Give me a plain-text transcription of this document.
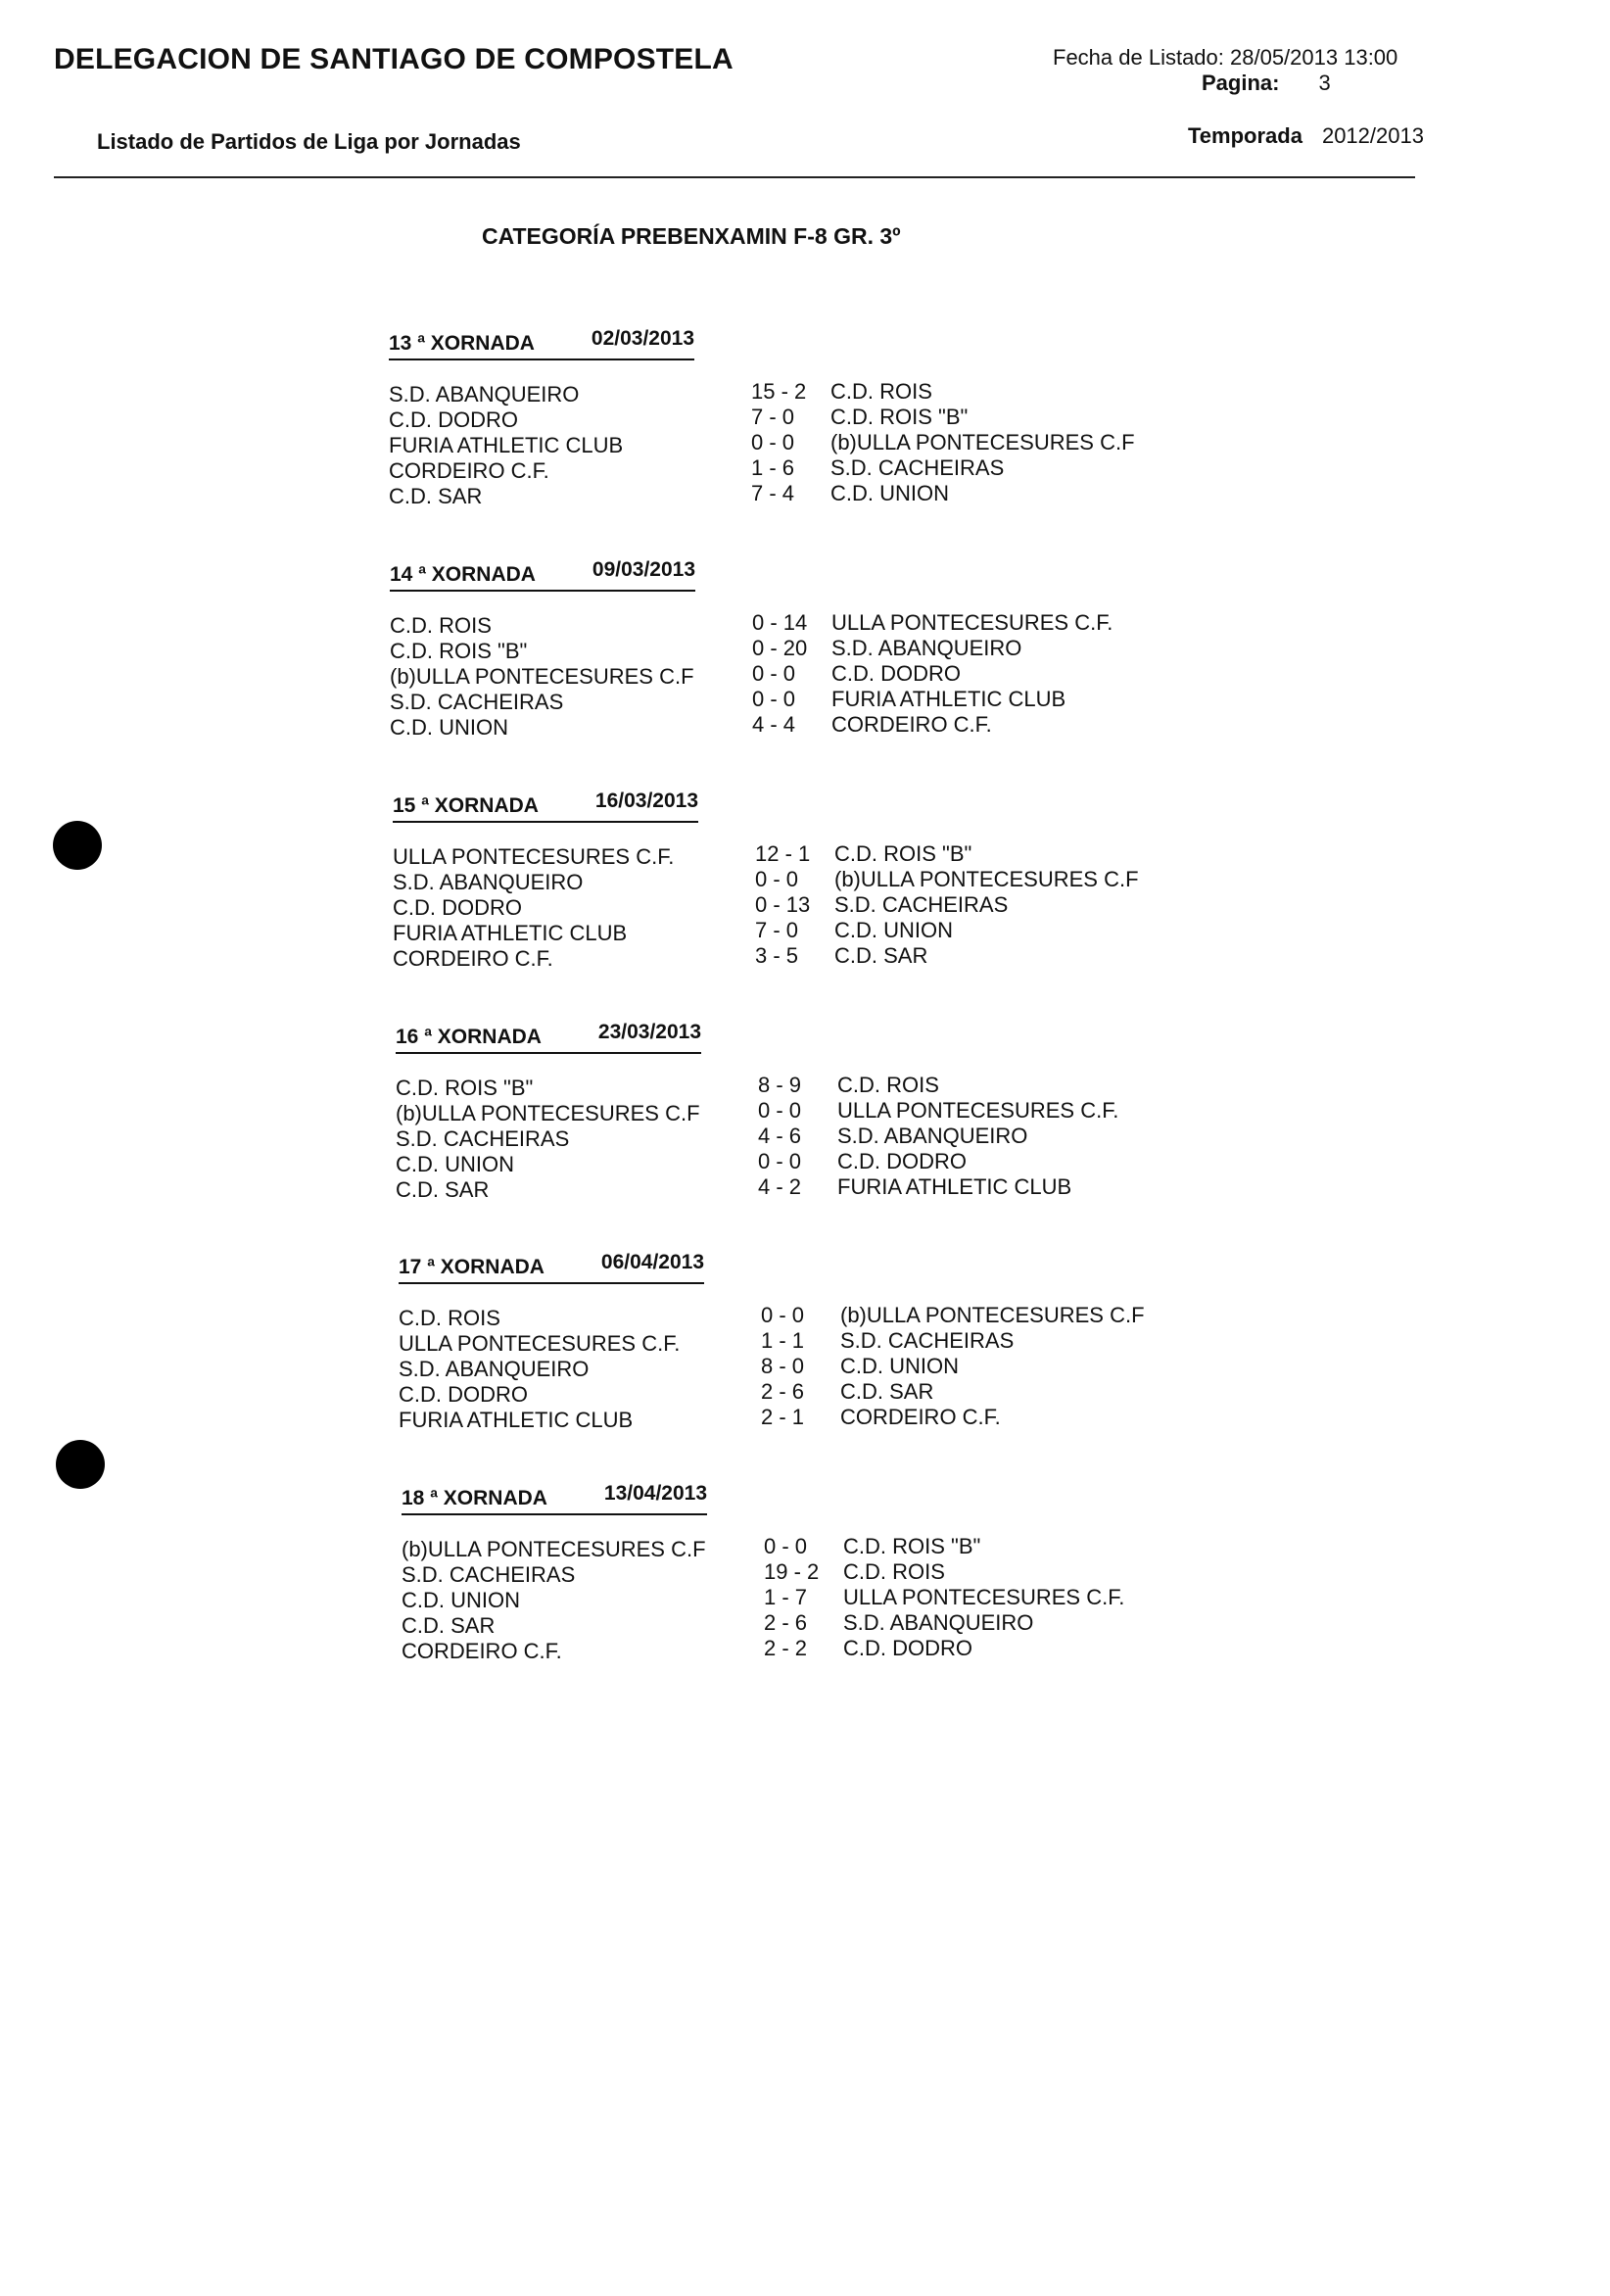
DELEGACION DE SANTIAGO DE COMPOSTELA	Fecha de Listado: 28/05/2013 13:00
Pagina: 3
Listado de Partidos de Liga por Jornadas	Temporada 2012/2013
CATEGORÍA PREBENXAMIN F-8 GR. 3º
13 ª XORNADA	02/03/2013
S.D. ABANQUEIRO	15 - 2 C.D. ROIS
C.D. DODRO	7 - 0 C.D. ROIS "B"
FURIA ATHLETIC CLUB	0 - 0 (b)ULLA PONTECESURES C.F
CORDEIRO C.F.	1 - 6 S.D. CACHEIRAS
C.D. SAR	7 - 4 C.D. UNION
14 ª XORNADA	09/03/2013
C.D. ROIS	0 - 14 ULLA PONTECESURES C.F.
C.D. ROIS "B"	0 - 20 S.D. ABANQUEIRO
(b)ULLA PONTECESURES C.F	0 - 0 C.D. DODRO
S.D. CACHEIRAS	0 - 0 FURIA ATHLETIC CLUB
C.D. UNION	4 - 4 CORDEIRO C.F.
15 ª XORNADA	16/03/2013
ULLA PONTECESURES C.F.	12 - 1 C.D. ROIS "B"
S.D. ABANQUEIRO	0 - 0 (b)ULLA PONTECESURES C.F
C.D. DODRO	0 - 13 S.D. CACHEIRAS
FURIA ATHLETIC CLUB	7 - 0 C.D. UNION
CORDEIRO C.F.	3 - 5 C.D. SAR
16 ª XORNADA	23/03/2013
C.D. ROIS "B"	8 - 9 C.D. ROIS
(b)ULLA PONTECESURES C.F	0 - 0 ULLA PONTECESURES C.F.
S.D. CACHEIRAS	4 - 6 S.D. ABANQUEIRO
C.D. UNION	0 - 0 C.D. DODRO
C.D. SAR	4 - 2 FURIA ATHLETIC CLUB
17 ª XORNADA	06/04/2013
C.D. ROIS	0 - 0 (b)ULLA PONTECESURES C.F
ULLA PONTECESURES C.F.	1 - 1 S.D. CACHEIRAS
S.D. ABANQUEIRO	8 - 0 C.D. UNION
C.D. DODRO	2 - 6 C.D. SAR
FURIA ATHLETIC CLUB	2 - 1 CORDEIRO C.F.
18 ª XORNADA	13/04/2013
(b)ULLA PONTECESURES C.F	0 - 0 C.D. ROIS "B"
S.D. CACHEIRAS	19 - 2 C.D. ROIS
C.D. UNION	1 - 7 ULLA PONTECESURES C.F.
C.D. SAR	2 - 6 S.D. ABANQUEIRO
CORDEIRO C.F.	2 - 2 C.D. DODRO
